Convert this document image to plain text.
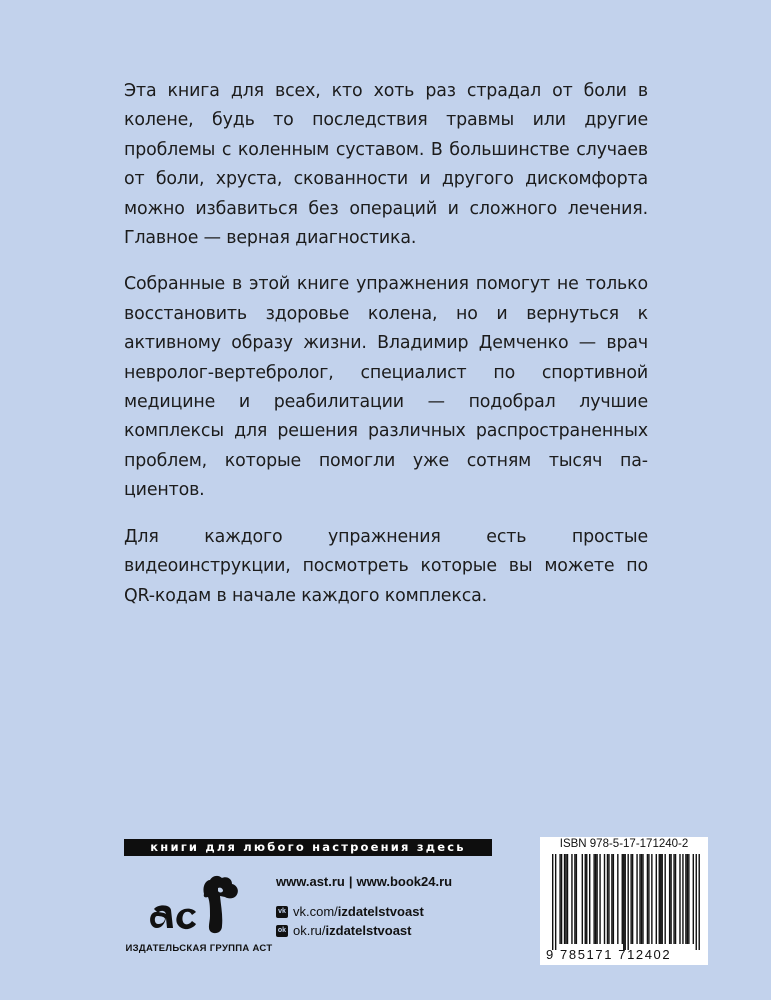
Эта книга для всех, кто хоть раз страдал от боли в колене, будь то последствия травмы или другие проблемы с коленным суставом. В большинстве случаев от боли, хруста, скованности и другого дискомфорта можно избавиться без операций и сложного лечения. Главное — верная диагностика.

Собранные в этой книге упражнения помогут не только восстановить здоровье колена, но и вернуться к активному образу жизни. Владимир Демченко — врач невролог-вертебролог, специалист по спортивной медицине и реабилитации — подобрал лучшие комплексы для решения различных распространенных проблем, которые помогли уже сотням тысяч пациентов.

Для каждого упражнения есть простые видеоинструкции, посмотреть которые вы можете по QR-кодам в начале каждого комплекса.

книги для любого настроения здесь
ИЗДАТЕЛЬСКАЯ ГРУППА АСТ
www.ast.ru | www.book24.ru
vk vk.com/ izdatelstvoast
ok ok.ru/ izdatelstvoast
ISBN 978-5-17-171240-2
9 785171 712402
